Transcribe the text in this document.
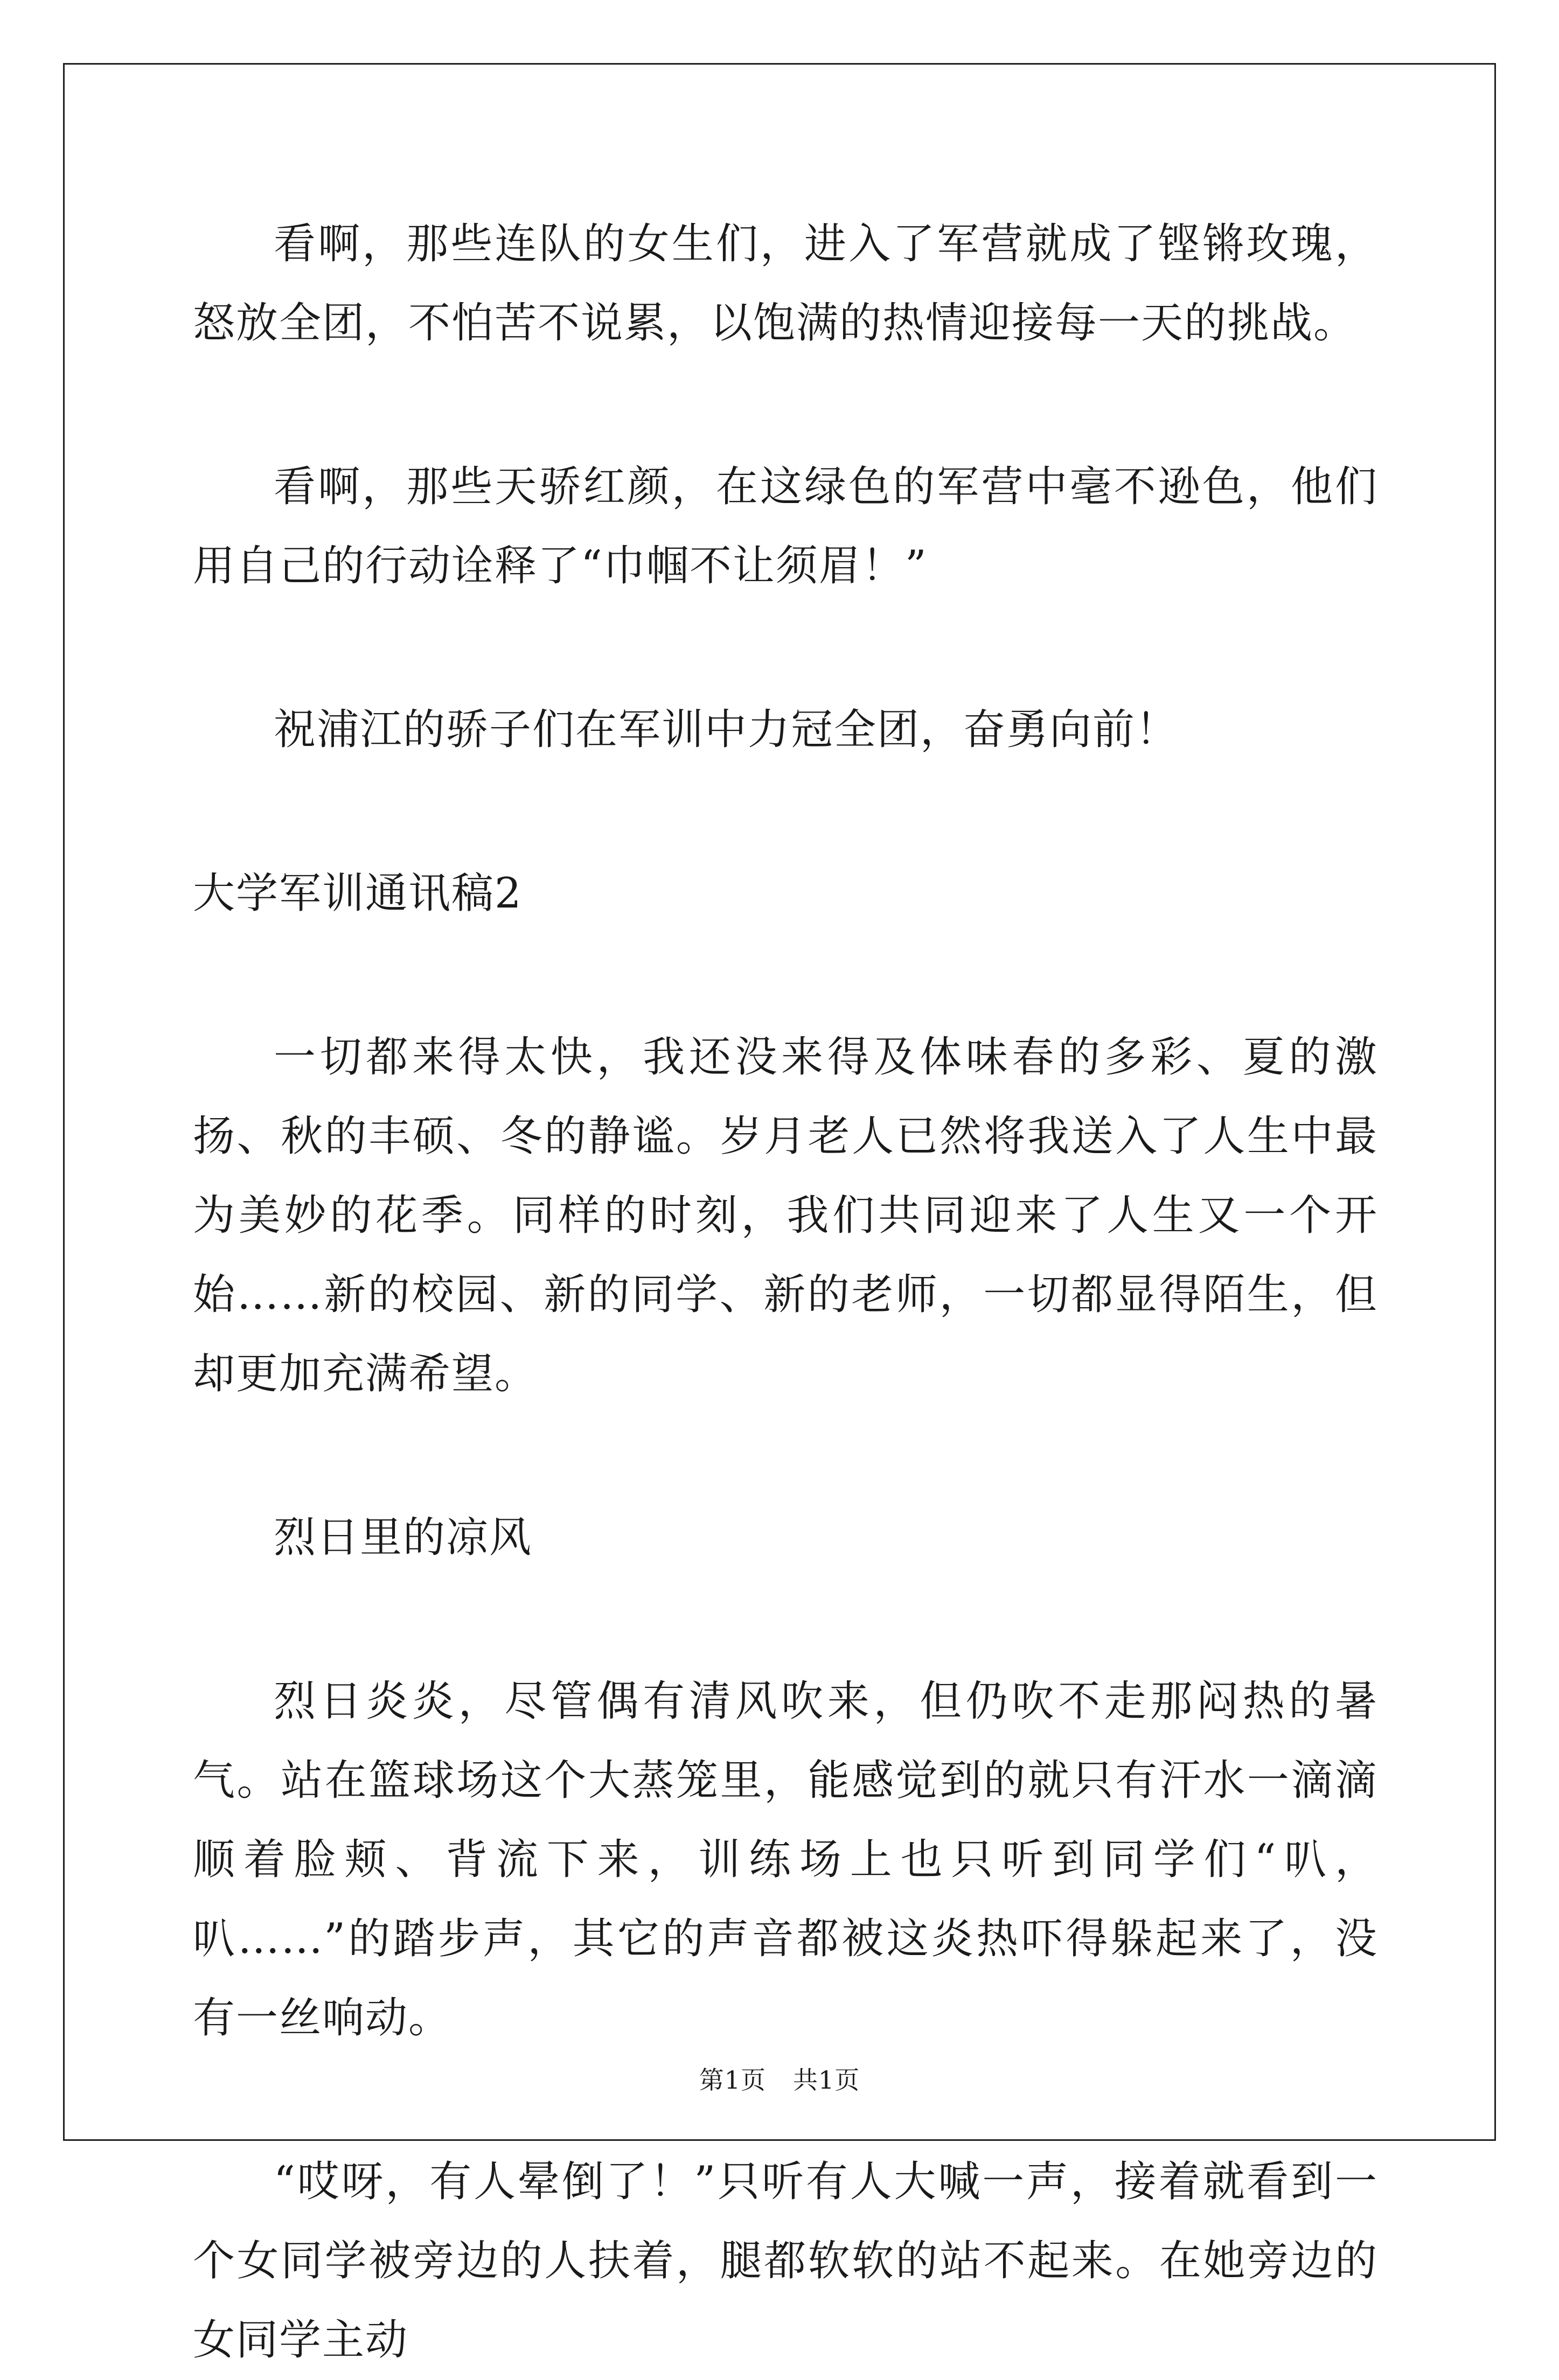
看啊，那些连队的女生们，进入了军营就成了铿锵玫瑰，怒放全团，不怕苦不说累，以饱满的热情迎接每一天的挑战。

看啊，那些天骄红颜，在这绿色的军营中毫不逊色，他们用自己的行动诠释了“巾帼不让须眉！”

祝浦江的骄子们在军训中力冠全团，奋勇向前！

大学军训通讯稿2

一切都来得太快，我还没来得及体味春的多彩、夏的激扬、秋的丰硕、冬的静谧。岁月老人已然将我送入了人生中最为美妙的花季。同样的时刻，我们共同迎来了人生又一个开始……新的校园、新的同学、新的老师，一切都显得陌生，但却更加充满希望。

烈日里的凉风

烈日炎炎，尽管偶有清风吹来，但仍吹不走那闷热的暑气。站在篮球场这个大蒸笼里，能感觉到的就只有汗水一滴滴顺着脸颊、背流下来，训练场上也只听到同学们“叭，叭……”的踏步声，其它的声音都被这炎热吓得躲起来了，没有一丝响动。

“哎呀，有人晕倒了！”只听有人大喊一声，接着就看到一个女同学被旁边的人扶着，腿都软软的站不起来。在她旁边的女同学主动

第1页 共1页
